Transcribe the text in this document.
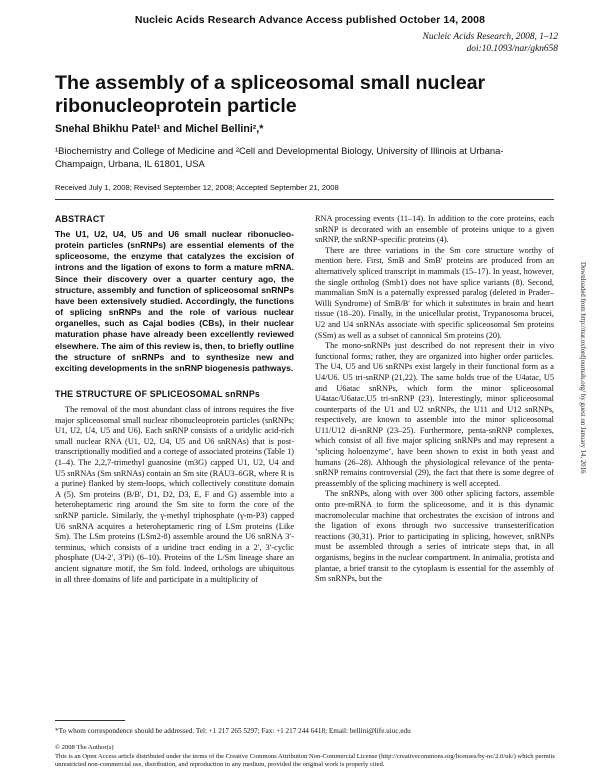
Nucleic Acids Research Advance Access published October 14, 2008
Nucleic Acids Research, 2008, 1–12
doi:10.1093/nar/gkn658
The assembly of a spliceosomal small nuclear ribonucleoprotein particle
Snehal Bhikhu Patel¹ and Michel Bellini²,*
¹Biochemistry and College of Medicine and ²Cell and Developmental Biology, University of Illinois at Urbana-Champaign, Urbana, IL 61801, USA
Received July 1, 2008; Revised September 12, 2008; Accepted September 21, 2008
ABSTRACT

The U1, U2, U4, U5 and U6 small nuclear ribonucleo-protein particles (snRNPs) are essential elements of the spliceosome, the enzyme that catalyzes the excision of introns and the ligation of exons to form a mature mRNA. Since their discovery over a quarter century ago, the structure, assembly and function of spliceosomal snRNPs have been extensively studied. Accordingly, the functions of splicing snRNPs and the role of various nuclear organelles, such as Cajal bodies (CBs), in their nuclear maturation phase have already been excellently reviewed elsewhere. The aim of this review is, then, to briefly outline the structure of snRNPs and to synthesize new and exciting developments in the snRNP biogenesis pathways.

THE STRUCTURE OF SPLICEOSOMAL snRNPs

The removal of the most abundant class of introns requires the five major spliceosomal small nuclear ribonucleoprotein particles (snRNPs; U1, U2, U4, U5 and U6). Each snRNP consists of a uridylic acid-rich small nuclear RNA (U1, U2, U4, U5 and U6 snRNAs) that is post-transcriptionally modified and a cortege of associated proteins (Table 1) (1–4). The 2,2,7-trimethyl guanosine (m3G) capped U1, U2, U4 and U5 snRNAs (Sm snRNAs) contain an Sm site (RAU3–6GR, where R is a purine) flanked by stem-loops, which collectively constitute domain A (5). Sm proteins (B/B′, D1, D2, D3, E, F and G) assemble into a heteroheptameric ring around the Sm site to form the core of the snRNP particle. Similarly, the γ-methyl triphosphate (γ-m-P3) capped U6 snRNA acquires a heteroheptameric ring of LSm proteins (Like Sm). The LSm proteins (LSm2-8) assemble around the U6 snRNA 3′-terminus, which consists of a uridine tract ending in a 2′, 3′-cyclic phosphate (U4-2′, 3′Pi) (6–10). Proteins of the L/Sm lineage share an ancient signature motif, the Sm fold. Indeed, orthologs are ubiquitous in all three domains of life and participate in a multiplicity of

RNA processing events (11–14). In addition to the core proteins, each snRNP is decorated with an ensemble of proteins unique to a given snRNP, the snRNP-specific proteins (4).

There are three variations in the Sm core structure worthy of mention here. First, SmB and SmB′ proteins are produced from an alternatively spliced transcript in mammals (15–17). In yeast, however, the single ortholog (Smb1) does not have splice variants (8). Second, mammalian SmN is a paternally expressed paralog (deleted in Prader–Willi Syndrome) of SmB/B′ for which it substitutes in brain and heart tissue (18–20). Finally, in the unicellular protist, Trypanosoma brucei, U2 and U4 snRNAs associate with specific spliceosomal Sm proteins (SSm) as well as a subset of canonical Sm proteins (20).

The mono-snRNPs just described do not represent their in vivo functional forms; rather, they are organized into higher order particles. The U4, U5 and U6 snRNPs exist largely in their functional form as a U4/U6. U5 tri-snRNP (21,22). The same holds true of the U4atac, U5 and U6atac snRNPs, which form the minor spliceosomal U4atac/U6atac.U5 tri-snRNP (23). Interestingly, minor spliceosomal counterparts of the U1 and U2 snRNPs, the U11 and U12 snRNPs, respectively, are known to assemble into the minor spliceosomal U11/U12 di-snRNP (23–25). Furthermore, penta-snRNP complexes, which consist of all five major splicing snRNPs and may represent a ‘splicing holoenzyme’, have been shown to exist in both yeast and humans (26–28). Although the physiological relevance of the penta-snRNP remains controversial (29), the fact that there is some degree of preassembly of the splicing machinery is well accepted.

The snRNPs, along with over 300 other splicing factors, assemble onto pre-mRNA to form the spliceosome, and it is this dynamic macromolecular machine that orchestrates the excision of introns and the ligation of exons through two successive transesterification reactions (30,31). Prior to participating in splicing, however, snRNPs must be assembled through a series of intricate steps that, in all organisms, begins in the nuclear compartment. In animalia, protista and plantae, a brief transit to the cytoplasm is essential for the assembly of Sm snRNPs, but the

*To whom correspondence should be addressed. Tel: +1 217 265 5297; Fax: +1 217 244 6418; Email: bellini@life.uiuc.edu
© 2008 The Author(s)
This is an Open Access article distributed under the terms of the Creative Commons Attribution Non-Commercial License (http://creativecommons.org/licenses/by-nc/2.0/uk/) which permits unrestricted non-commercial use, distribution, and reproduction in any medium, provided the original work is properly cited.
Downloaded from http://nar.oxfordjournals.org/ by guest on January 14, 2016
